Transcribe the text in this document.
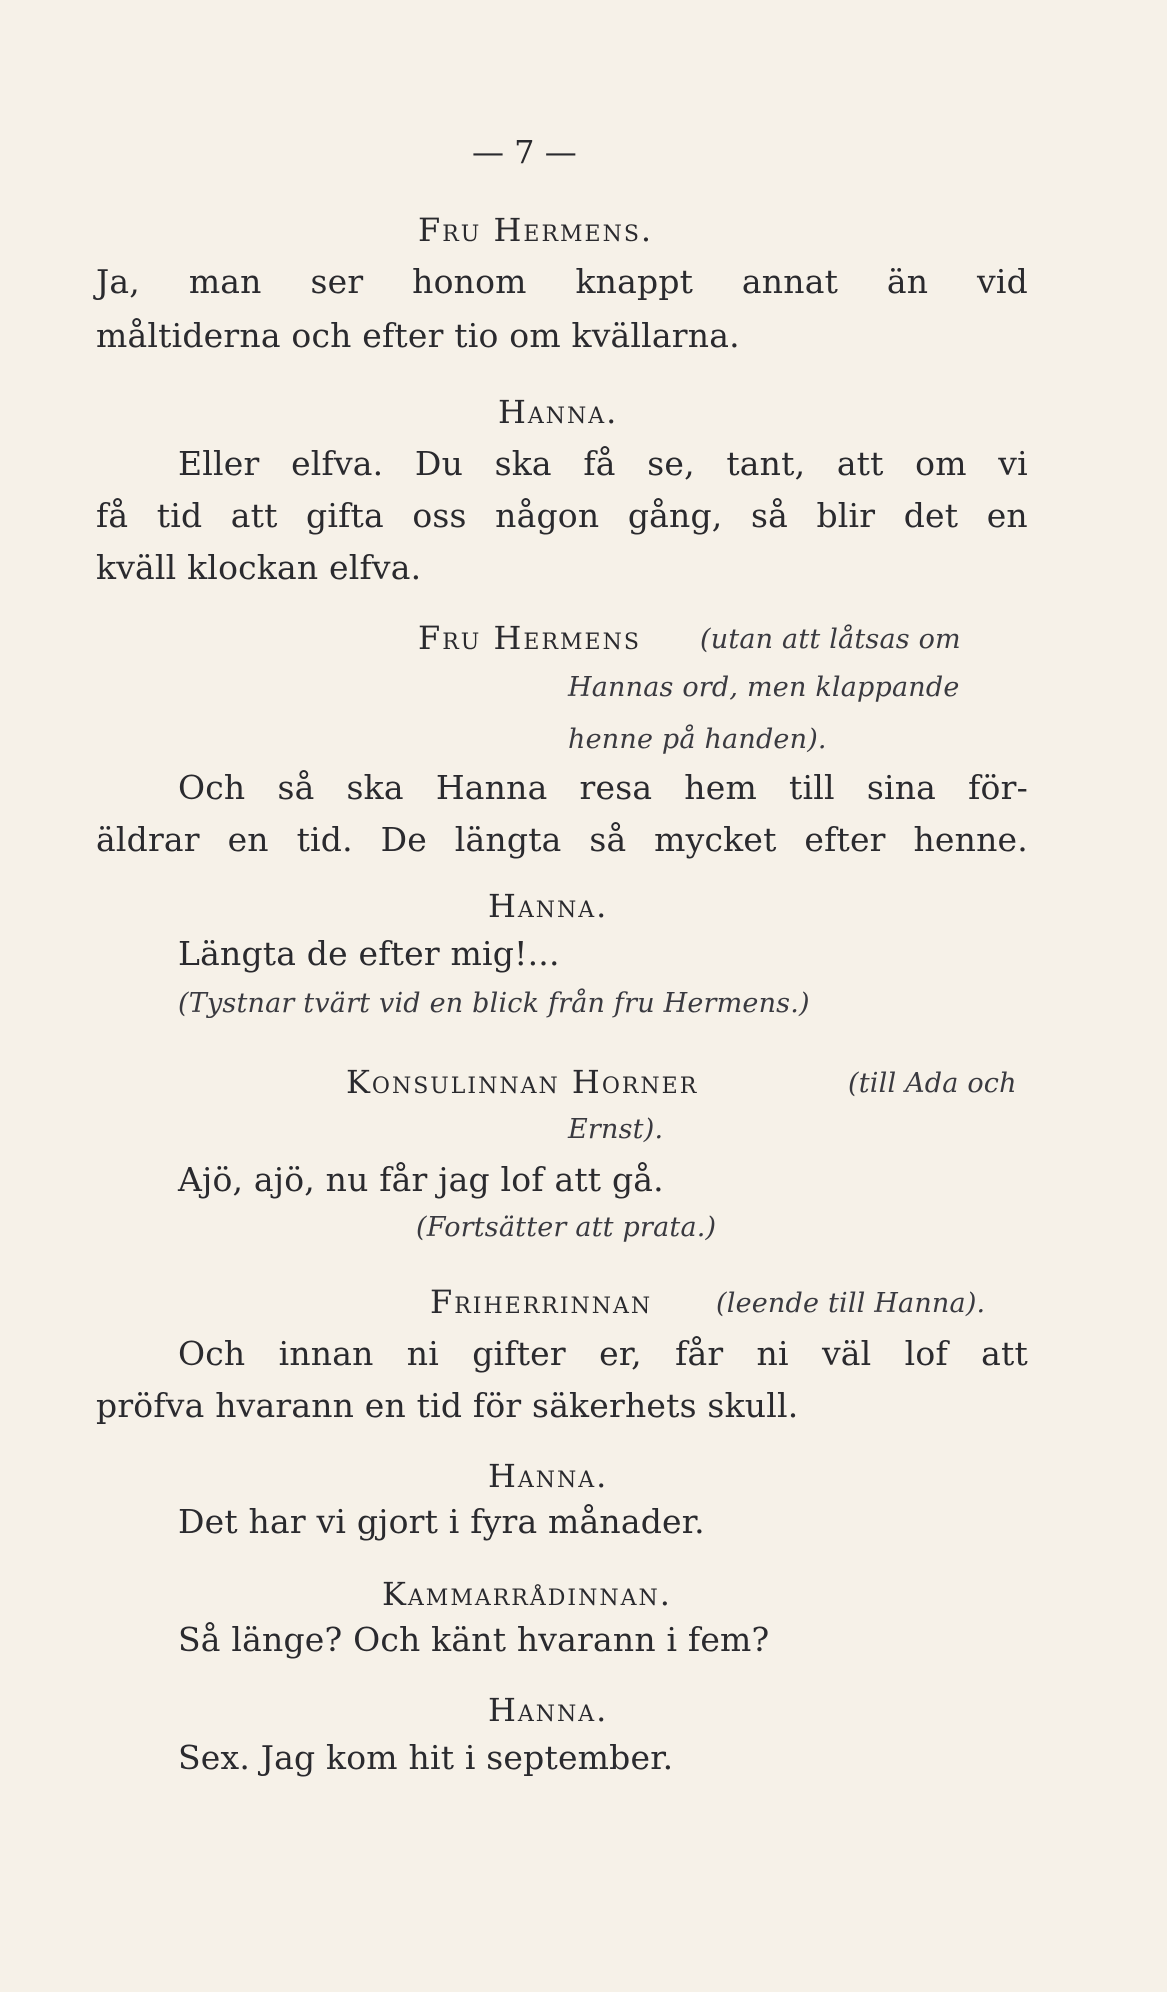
— 7 —
Fru Hermens.
Ja, man ser honom knappt annat än vid
måltiderna och efter tio om kvällarna.
Hanna.
Eller elfva. Du ska få se, tant, att om vi
få tid att gifta oss någon gång, så blir det en
kväll klockan elfva.
Fru Hermens (utan att låtsas om
Hannas ord, men klappande
henne på handen).
Och så ska Hanna resa hem till sina för-
äldrar en tid. De längta så mycket efter henne.
Hanna.
Längta de efter mig!...
(Tystnar tvärt vid en blick från fru Hermens.)
Konsulinnan Horner	(till Ada och
Ernst).
Ajö, ajö, nu får jag lof att gå.
(Fortsätter att prata.)
Friherrinnan (leende till Hanna).
Och innan ni gifter er, får ni väl lof att
pröfva hvarann en tid för säkerhets skull.
Hanna.
Det har vi gjort i fyra månader.
Kammarrådinnan.
Så länge? Och känt hvarann i fem?
Hanna.
Sex. Jag kom hit i september.
